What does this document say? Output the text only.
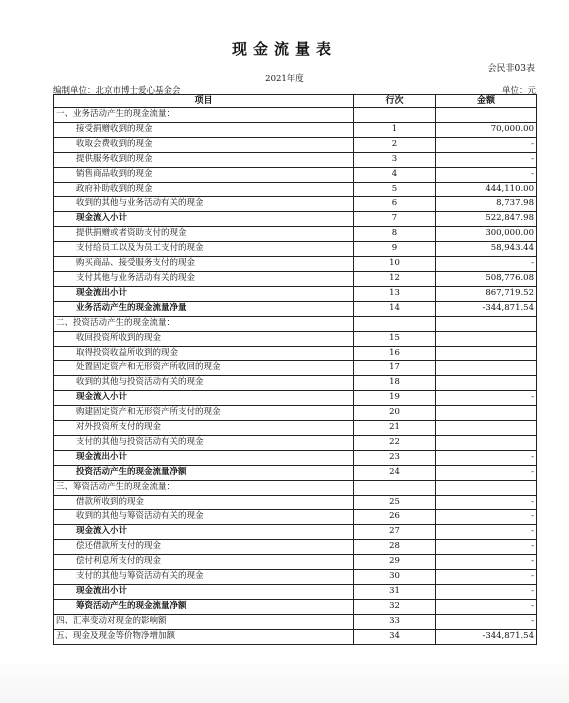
现金流量表
会民非03表
2021年度
编制单位：北京市博士爱心基金会	单位：元
项目	行次	金额
一、业务活动产生的现金流量：		
接受捐赠收到的现金	1	70,000.00
收取会费收到的现金	2	-
提供服务收到的现金	3	-
销售商品收到的现金	4	-
政府补助收到的现金	5	444,110.00
收到的其他与业务活动有关的现金	6	8,737.98
现金流入小计	7	522,847.98
提供捐赠或者资助支付的现金	8	300,000.00
支付给员工以及为员工支付的现金	9	58,943.44
购买商品、接受服务支付的现金	10	-
支付其他与业务活动有关的现金	12	508,776.08
现金流出小计	13	867,719.52
业务活动产生的现金流量净量	14	-344,871.54
二、投资活动产生的现金流量：		
收回投资所收到的现金	15	
取得投资收益所收到的现金	16	
处置固定资产和无形资产所收回的现金	17	
收到的其他与投资活动有关的现金	18	
现金流入小计	19	-
购建固定资产和无形资产所支付的现金	20	
对外投资所支付的现金	21	
支付的其他与投资活动有关的现金	22	
现金流出小计	23	-
投资活动产生的现金流量净额	24	-
三、筹资活动产生的现金流量：		
借款所收到的现金	25	-
收到的其他与筹资活动有关的现金	26	-
现金流入小计	27	-
偿还借款所支付的现金	28	-
偿付利息所支付的现金	29	-
支付的其他与筹资活动有关的现金	30	-
现金流出小计	31	-
筹资活动产生的现金流量净额	32	-
四、汇率变动对现金的影响额	33	-
五、现金及现金等价物净增加额	34	-344,871.54
